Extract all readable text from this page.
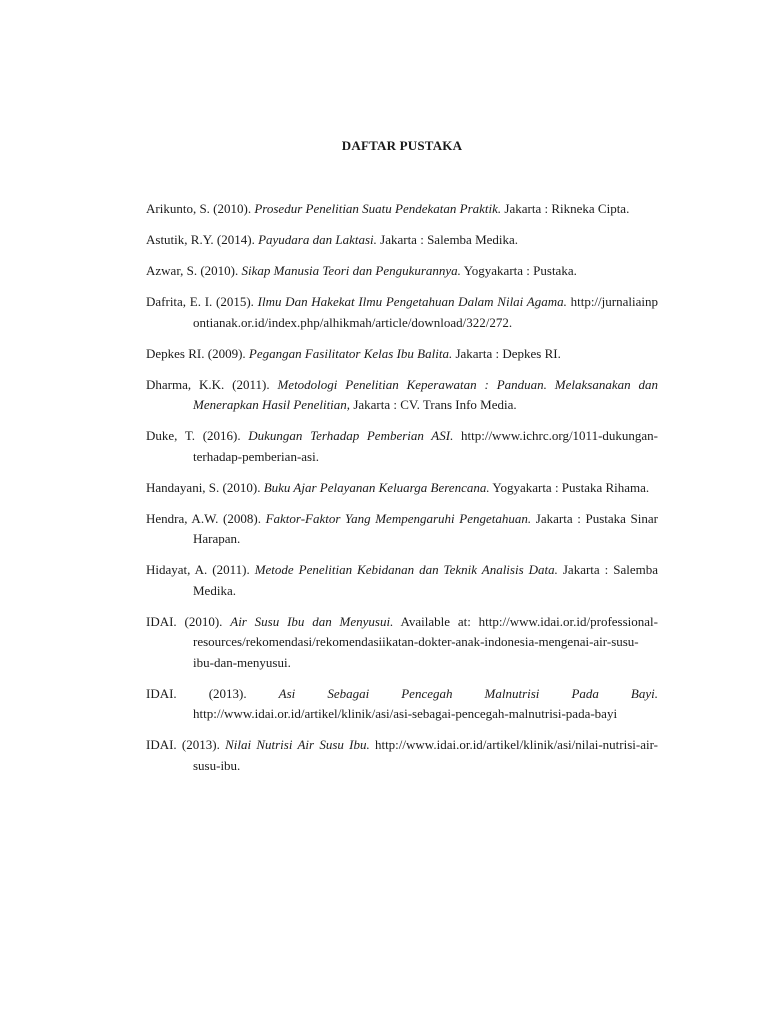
DAFTAR PUSTAKA

Arikunto, S. (2010). Prosedur Penelitian Suatu Pendekatan Praktik. Jakarta : Rikneka Cipta.

Astutik, R.Y. (2014). Payudara dan Laktasi. Jakarta : Salemba Medika.

Azwar, S. (2010). Sikap Manusia Teori dan Pengukurannya. Yogyakarta : Pustaka.

Dafrita, E. I. (2015). Ilmu Dan Hakekat Ilmu Pengetahuan Dalam Nilai Agama. http://jurnaliainpontianak.or.id/index.php/alhikmah/article/download/322/272.

Depkes RI. (2009). Pegangan Fasilitator Kelas Ibu Balita. Jakarta : Depkes RI.

Dharma, K.K. (2011). Metodologi Penelitian Keperawatan : Panduan. Melaksanakan dan Menerapkan Hasil Penelitian, Jakarta : CV. Trans Info Media.

Duke, T. (2016). Dukungan Terhadap Pemberian ASI. http://www.ichrc.org/1011-dukungan-terhadap-pemberian-asi.

Handayani, S. (2010). Buku Ajar Pelayanan Keluarga Berencana. Yogyakarta : Pustaka Rihama.

Hendra, A.W. (2008). Faktor-Faktor Yang Mempengaruhi Pengetahuan. Jakarta : Pustaka Sinar Harapan.

Hidayat, A. (2011). Metode Penelitian Kebidanan dan Teknik Analisis Data. Jakarta : Salemba Medika.

IDAI. (2010). Air Susu Ibu dan Menyusui. Available at: http://www.idai.or.id/professional-resources/rekomendasi/rekomendasiikatan-dokter-anak-indonesia-mengenai-air-susu-ibu-dan-menyusui.

IDAI. (2013). Asi Sebagai Pencegah Malnutrisi Pada Bayi. http://www.idai.or.id/artikel/klinik/asi/asi-sebagai-pencegah-malnutrisi-pada-bayi

IDAI. (2013). Nilai Nutrisi Air Susu Ibu. http://www.idai.or.id/artikel/klinik/asi/nilai-nutrisi-air-susu-ibu.
